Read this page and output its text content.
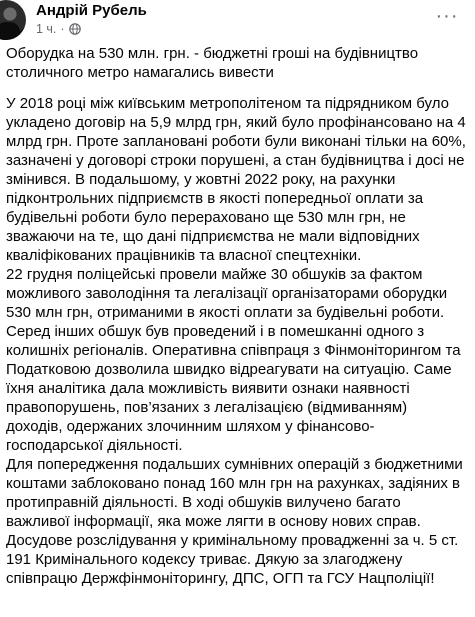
Андрій Рубель
1 ч. ·
···

Оборудка на 530 млн. грн. - бюджетні гроші на будівництво столичного метро намагались вивести

У 2018 році між київським метрополітеном та підрядником було укладено договір на 5,9 млрд грн, який було профінансовано на 4 млрд грн. Проте заплановані роботи були виконані тільки на 60%, зазначені у договорі строки порушені, а стан будівництва і досі не змінився. В подальшому, у жовтні 2022 року, на рахунки підконтрольних підприємств в якості попередньої оплати за будівельні роботи було перераховано ще 530 млн грн, не зважаючи на те, що дані підприємства не мали відповідних кваліфікованих працівників та власної спецтехніки.

22 грудня поліцейські провели майже 30 обшуків за фактом можливого заволодіння та легалізації організаторами оборудки 530 млн грн, отриманими в якості оплати за будівельні роботи.

Серед інших обшук був проведений і в помешканні одного з колишніх регіоналів. Оперативна співпраця з Фінмоніторингом та Податковою дозволила швидко відреагувати на ситуацію. Саме їхня аналітика дала можливість виявити ознаки наявності правопорушень, пов’язаних з легалізацією (відмиванням) доходів, одержаних злочинним шляхом у фінансово-господарської діяльності.

Для попередження подальших сумнівних операцій з бюджетними коштами заблоковано понад 160 млн грн на рахунках, задіяних в протиправній діяльності. В ході обшуків вилучено багато важливої інформації, яка може лягти в основу нових справ.

Досудове розслідування у кримінальному провадженні за ч. 5 ст. 191 Кримінального кодексу триває. Дякую за злагоджену співпрацю Держфінмоніторингу, ДПС, ОГП та ГСУ Нацполіції!
